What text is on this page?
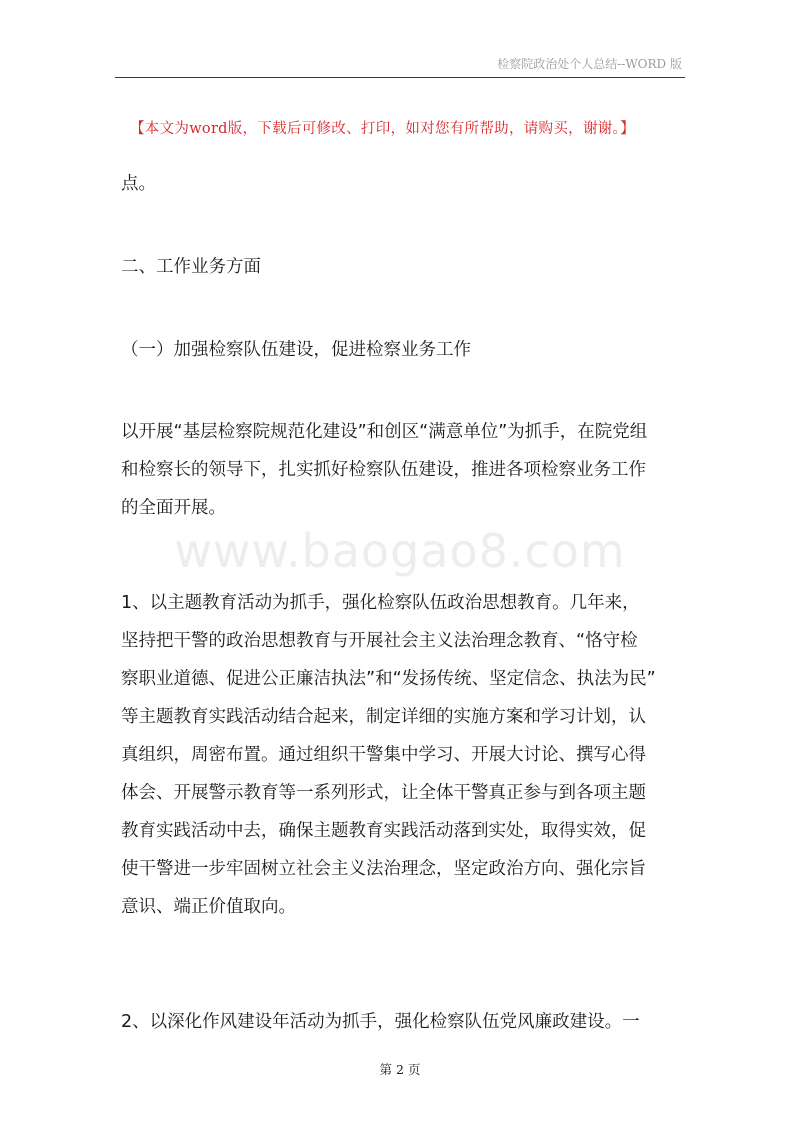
检察院政治处个人总结--WORD 版
【本文为word版，下载后可修改、打印，如对您有所帮助，请购买，谢谢。】
www.baogao8.com
点。
二、工作业务方面
（一）加强检察队伍建设，促进检察业务工作
以开展“基层检察院规范化建设”和创区“满意单位”为抓手，在院党组
和检察长的领导下，扎实抓好检察队伍建设，推进各项检察业务工作
的全面开展。
1、以主题教育活动为抓手，强化检察队伍政治思想教育。几年来，
坚持把干警的政治思想教育与开展社会主义法治理念教育、“恪守检
察职业道德、促进公正廉洁执法”和“发扬传统、坚定信念、执法为民”
等主题教育实践活动结合起来，制定详细的实施方案和学习计划，认
真组织，周密布置。通过组织干警集中学习、开展大讨论、撰写心得
体会、开展警示教育等一系列形式，让全体干警真正参与到各项主题
教育实践活动中去，确保主题教育实践活动落到实处，取得实效，促
使干警进一步牢固树立社会主义法治理念，坚定政治方向、强化宗旨
意识、端正价值取向。
2、以深化作风建设年活动为抓手，强化检察队伍党风廉政建设。一
第 2 页
